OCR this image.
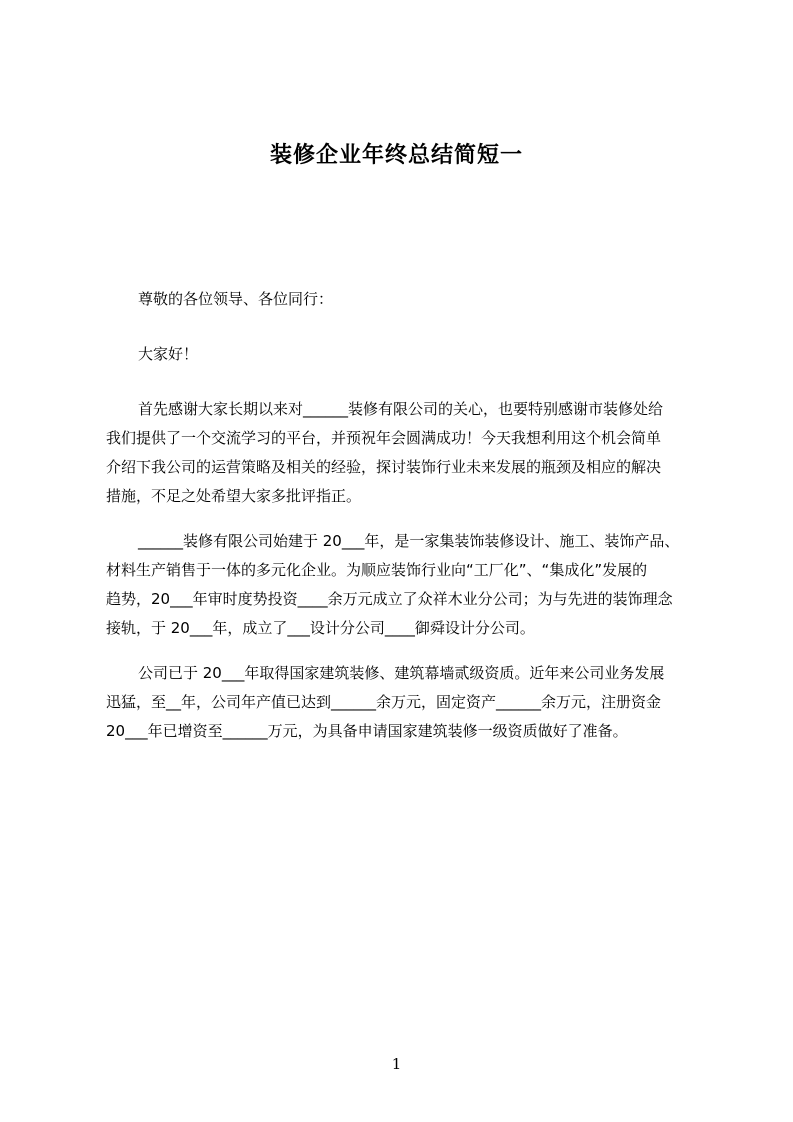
装修企业年终总结简短一
尊敬的各位领导、各位同行：
大家好！
首先感谢大家长期以来对______装修有限公司的关心，也要特别感谢市装修处给
我们提供了一个交流学习的平台，并预祝年会圆满成功！今天我想利用这个机会简单
介绍下我公司的运营策略及相关的经验，探讨装饰行业未来发展的瓶颈及相应的解决
措施，不足之处希望大家多批评指正。
______装修有限公司始建于 20___年，是一家集装饰装修设计、施工、装饰产品、
材料生产销售于一体的多元化企业。为顺应装饰行业向“工厂化”、“集成化”发展的
趋势，20___年审时度势投资____余万元成立了众祥木业分公司；为与先进的装饰理念
接轨，于 20___年，成立了___设计分公司____御舜设计分公司。
公司已于 20___年取得国家建筑装修、建筑幕墙贰级资质。近年来公司业务发展
迅猛，至__年，公司年产值已达到______余万元，固定资产______余万元，注册资金
20___年已增资至______万元，为具备申请国家建筑装修一级资质做好了准备。
1
